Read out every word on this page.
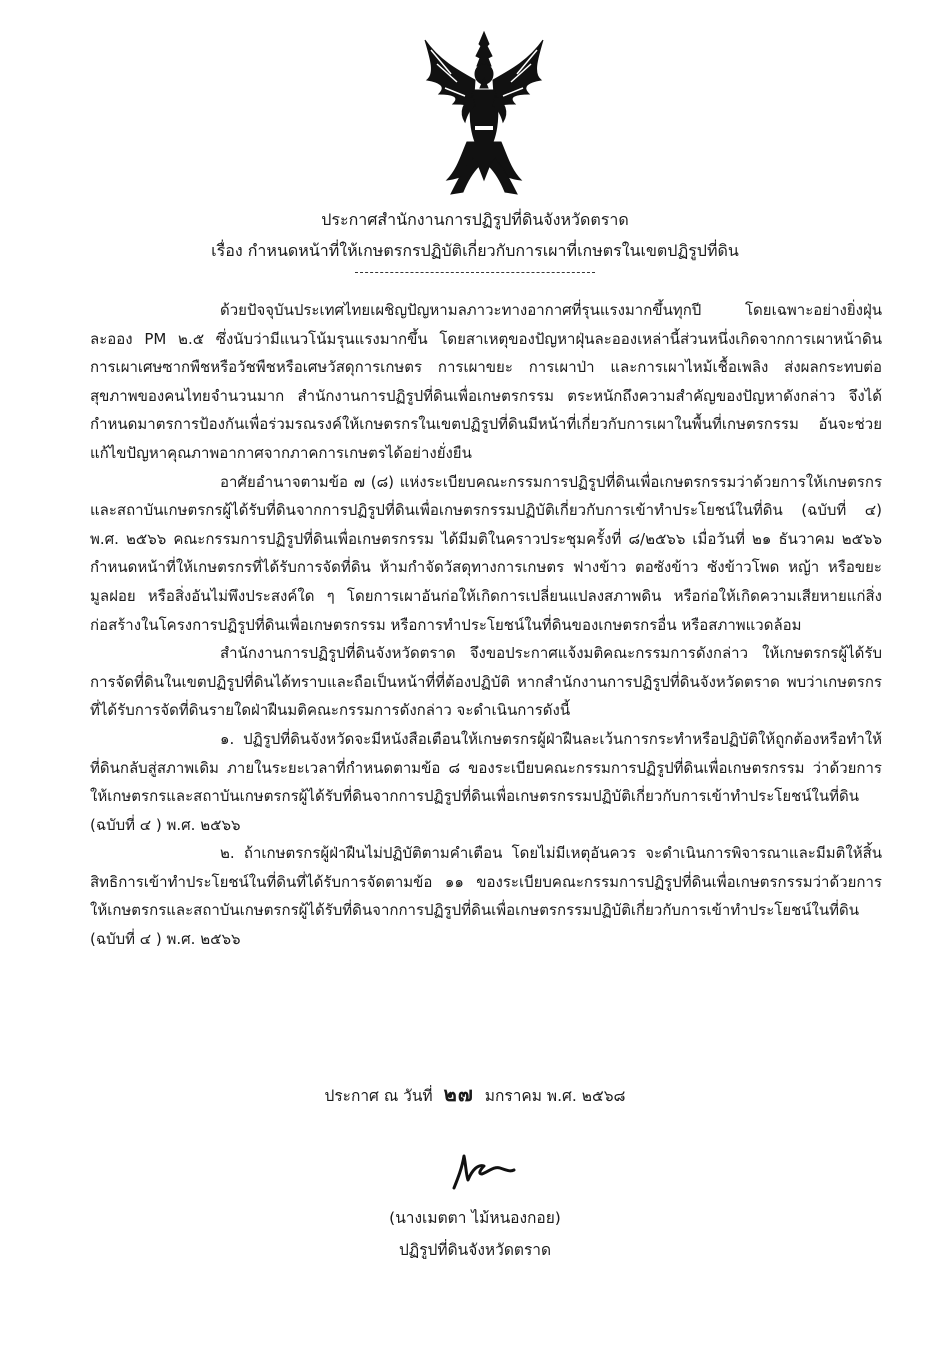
ประกาศสำนักงานการปฏิรูปที่ดินจังหวัดตราด
เรื่อง กำหนดหน้าที่ให้เกษตรกรปฏิบัติเกี่ยวกับการเผาที่เกษตรในเขตปฏิรูปที่ดิน

ด้วยปัจจุบันประเทศไทยเผชิญปัญหามลภาวะทางอากาศที่รุนแรงมากขึ้นทุกปี โดยเฉพาะอย่างยิ่งฝุ่นละออง PM ๒.๕ ซึ่งนับว่ามีแนวโน้มรุนแรงมากขึ้น โดยสาเหตุของปัญหาฝุ่นละอองเหล่านี้ส่วนหนึ่งเกิดจากการเผาหน้าดิน การเผาเศษซากพืชหรือวัชพืชหรือเศษวัสดุการเกษตร การเผาขยะ การเผาป่า และการเผาไหม้เชื้อเพลิง ส่งผลกระทบต่อสุขภาพของคนไทยจำนวนมาก สำนักงานการปฏิรูปที่ดินเพื่อเกษตรกรรม ตระหนักถึงความสำคัญของปัญหาดังกล่าว จึงได้กำหนดมาตรการป้องกันเพื่อร่วมรณรงค์ให้เกษตรกรในเขตปฏิรูปที่ดินมีหน้าที่เกี่ยวกับการเผาในพื้นที่เกษตรกรรม อันจะช่วยแก้ไขปัญหาคุณภาพอากาศจากภาคการเกษตรได้อย่างยั่งยืน

อาศัยอำนาจตามข้อ ๗ (๘) แห่งระเบียบคณะกรรมการปฏิรูปที่ดินเพื่อเกษตรกรรมว่าด้วยการให้เกษตรกรและสถาบันเกษตรกรผู้ได้รับที่ดินจากการปฏิรูปที่ดินเพื่อเกษตรกรรมปฏิบัติเกี่ยวกับการเข้าทำประโยชน์ในที่ดิน (ฉบับที่ ๔) พ.ศ. ๒๕๖๖ คณะกรรมการปฏิรูปที่ดินเพื่อเกษตรกรรม ได้มีมติในคราวประชุมครั้งที่ ๘/๒๕๖๖ เมื่อวันที่ ๒๑ ธันวาคม ๒๕๖๖ กำหนดหน้าที่ให้เกษตรกรที่ได้รับการจัดที่ดิน ห้ามกำจัดวัสดุทางการเกษตร ฟางข้าว ตอซังข้าว ซังข้าวโพด หญ้า หรือขยะมูลฝอย หรือสิ่งอันไม่พึงประสงค์ใด ๆ โดยการเผาอันก่อให้เกิดการเปลี่ยนแปลงสภาพดิน หรือก่อให้เกิดความเสียหายแก่สิ่งก่อสร้างในโครงการปฏิรูปที่ดินเพื่อเกษตรกรรม หรือการทำประโยชน์ในที่ดินของเกษตรกรอื่น หรือสภาพแวดล้อม

สำนักงานการปฏิรูปที่ดินจังหวัดตราด จึงขอประกาศแจ้งมติคณะกรรมการดังกล่าว ให้เกษตรกรผู้ได้รับการจัดที่ดินในเขตปฏิรูปที่ดินได้ทราบและถือเป็นหน้าที่ที่ต้องปฏิบัติ หากสำนักงานการปฏิรูปที่ดินจังหวัดตราด พบว่าเกษตรกรที่ได้รับการจัดที่ดินรายใดฝ่าฝืนมติคณะกรรมการดังกล่าว จะดำเนินการดังนี้

๑. ปฏิรูปที่ดินจังหวัดจะมีหนังสือเตือนให้เกษตรกรผู้ฝ่าฝืนละเว้นการกระทำหรือปฏิบัติให้ถูกต้องหรือทำให้ที่ดินกลับสู่สภาพเดิม ภายในระยะเวลาที่กำหนดตามข้อ ๘ ของระเบียบคณะกรรมการปฏิรูปที่ดินเพื่อเกษตรกรรม ว่าด้วยการให้เกษตรกรและสถาบันเกษตรกรผู้ได้รับที่ดินจากการปฏิรูปที่ดินเพื่อเกษตรกรรมปฏิบัติเกี่ยวกับการเข้าทำประโยชน์ในที่ดิน (ฉบับที่ ๔ ) พ.ศ. ๒๕๖๖

๒. ถ้าเกษตรกรผู้ฝ่าฝืนไม่ปฏิบัติตามคำเตือน โดยไม่มีเหตุอันควร จะดำเนินการพิจารณาและมีมติให้สิ้นสิทธิการเข้าทำประโยชน์ในที่ดินที่ได้รับการจัดตามข้อ ๑๑ ของระเบียบคณะกรรมการปฏิรูปที่ดินเพื่อเกษตรกรรมว่าด้วยการให้เกษตรกรและสถาบันเกษตรกรผู้ได้รับที่ดินจากการปฏิรูปที่ดินเพื่อเกษตรกรรมปฏิบัติเกี่ยวกับการเข้าทำประโยชน์ในที่ดิน (ฉบับที่ ๔ ) พ.ศ. ๒๕๖๖

ประกาศ ณ วันที่ ๒๗ มกราคม พ.ศ. ๒๕๖๘
(นางเมตตา ไม้หนองกอย)
ปฏิรูปที่ดินจังหวัดตราด
